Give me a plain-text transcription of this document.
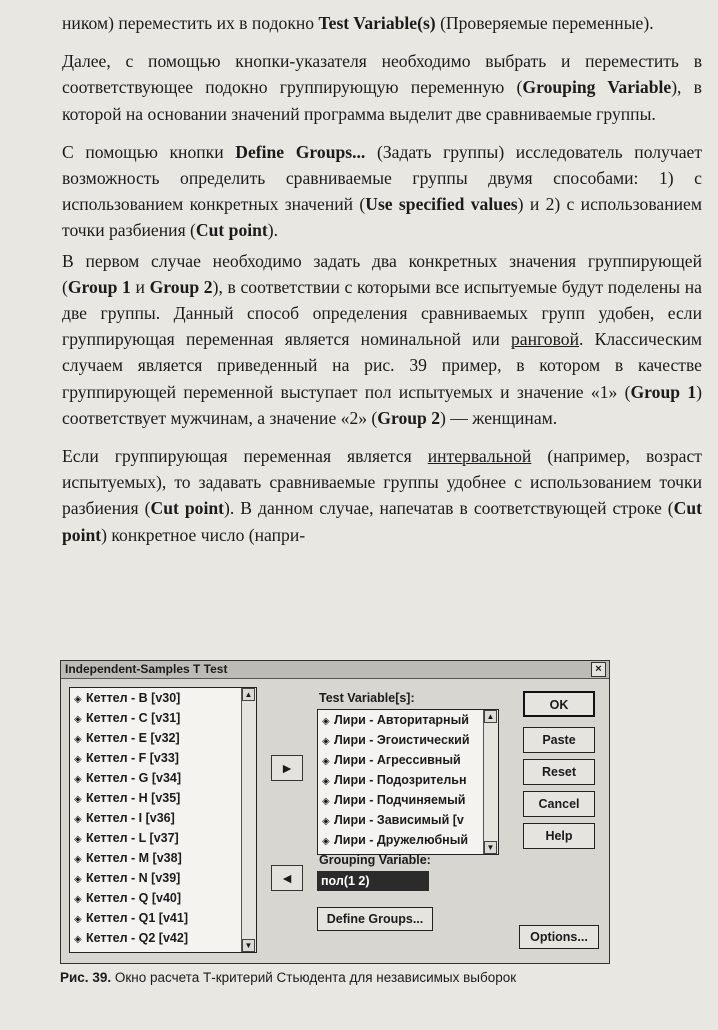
ником) переместить их в подокно Test Variable(s) (Проверяемые переменные).

Далее, с помощью кнопки-указателя необходимо выбрать и переместить в соответствующее подокно группирующую переменную (Grouping Variable), в которой на основании значений программа выделит две сравниваемые группы.

С помощью кнопки Define Groups... (Задать группы) исследователь получает возможность определить сравниваемые группы двумя способами: 1) с использованием конкретных значений (Use specified values) и 2) с использованием точки разбиения (Cut point).

В первом случае необходимо задать два конкретных значения группирующей (Group 1 и Group 2), в соответствии с которыми все испытуемые будут поделены на две группы. Данный способ определения сравниваемых групп удобен, если группирующая переменная является номинальной или ранговой. Классическим случаем является приведенный на рис. 39 пример, в котором в качестве группирующей переменной выступает пол испытуемых и значение «1» (Group 1) соответствует мужчинам, а значение «2» (Group 2) — женщинам.

Если группирующая переменная является интервальной (например, возраст испытуемых), то задавать сравниваемые группы удобнее с использованием точки разбиения (Cut point). В данном случае, напечатав в соответствующей строке (Cut point) конкретное число (напри-

Independent-Samples T Test	×
◈ Кеттел - B [v30]
◈ Кеттел - C [v31]
◈ Кеттел - E [v32]
◈ Кеттел - F [v33]
◈ Кеттел - G [v34]
◈ Кеттел - H [v35]
◈ Кеттел - I [v36]
◈ Кеттел - L [v37]
◈ Кеттел - M [v38]
◈ Кеттел - N [v39]
◈ Кеттел - Q [v40]
◈ Кеттел - Q1 [v41]
◈ Кеттел - Q2 [v42]
▲
▼
►
◄
Test Variable[s]:
◈ Лири - Авторитарный
◈ Лири - Эгоистический
◈ Лири - Агрессивный
◈ Лири - Подозрительн
◈ Лири - Подчиняемый
◈ Лири - Зависимый [v
◈ Лири - Дружелюбный
▲
▼
Grouping Variable:
пол(1 2)
Define Groups...
OK
Paste
Reset
Cancel
Help
Options...
Рис. 39. Окно расчета Т-критерий Стьюдента для независимых выборок
